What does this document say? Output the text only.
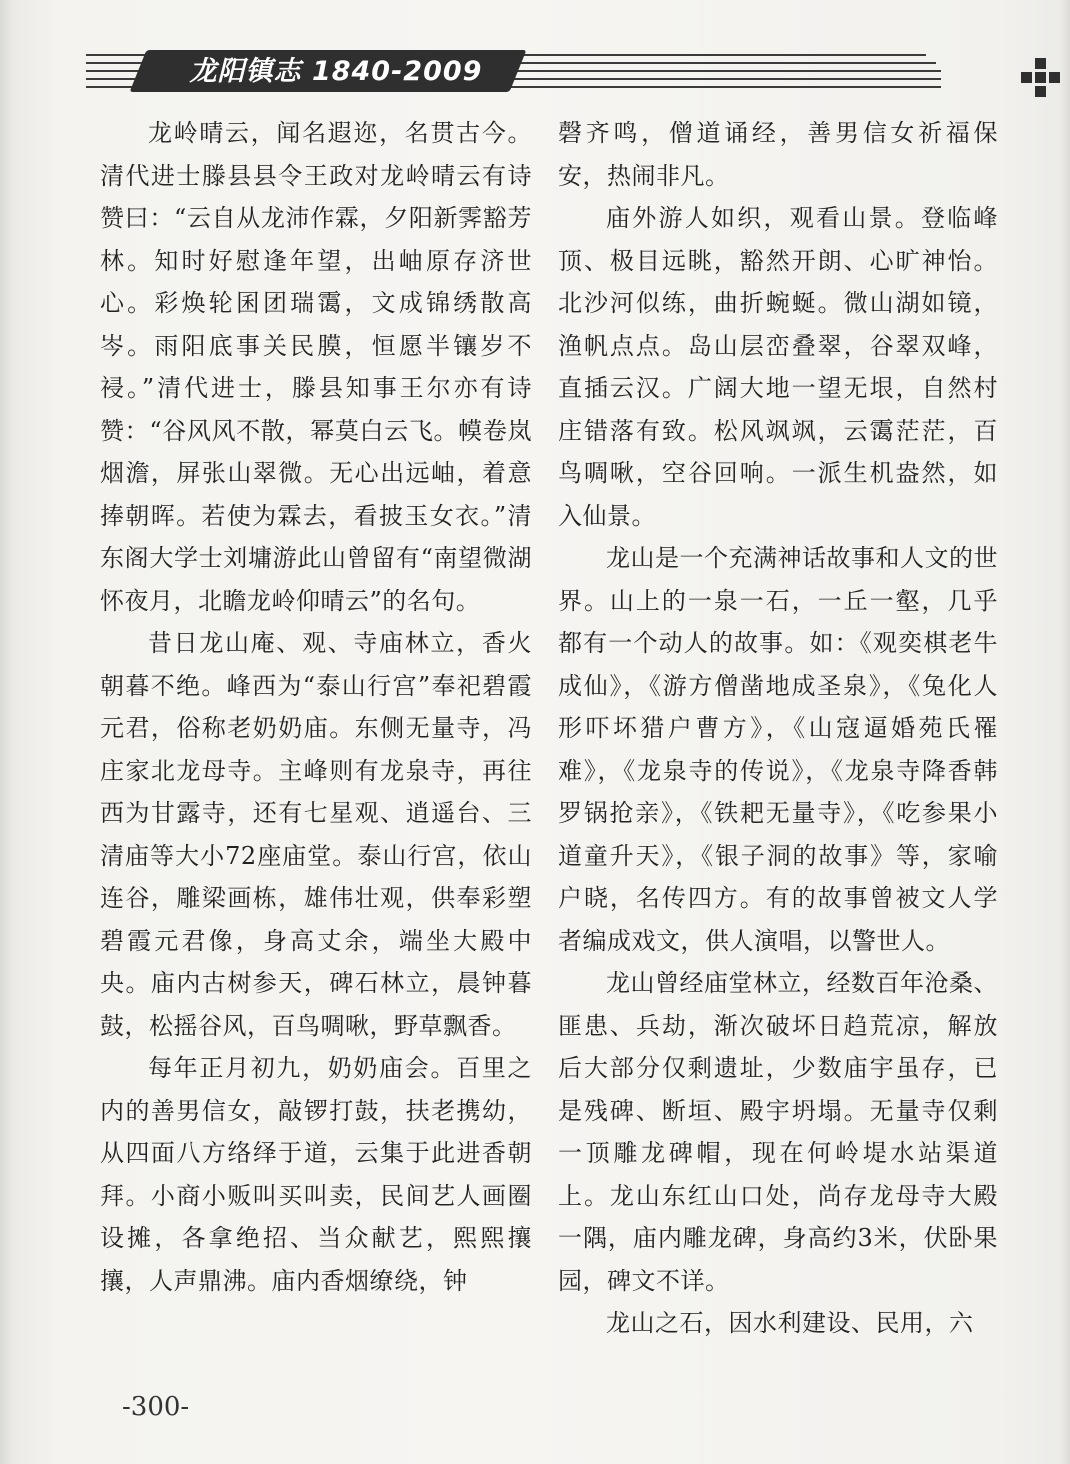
龙阳镇志 1840-2009

龙岭晴云，闻名遐迩，名贯古今。清代进士滕县县令王政对龙岭晴云有诗赞曰：“云自从龙沛作霖，夕阳新霁豁芳林。知时好慰逢年望，出岫原存济世心。彩焕轮囷团瑞霭，文成锦绣散高岑。雨阳底事关民膜，恒愿半镶岁不祲。”清代进士，滕县知事王尔亦有诗赞：“谷风风不散，幂莫白云飞。幙卷岚烟澹，屏张山翠微。无心出远岫，着意捧朝晖。若使为霖去，看披玉女衣。”清东阁大学士刘墉游此山曾留有“南望微湖怀夜月，北瞻龙岭仰晴云”的名句。

昔日龙山庵、观、寺庙林立，香火朝暮不绝。峰西为“泰山行宫”奉祀碧霞元君，俗称老奶奶庙。东侧无量寺，冯庄家北龙母寺。主峰则有龙泉寺，再往西为甘露寺，还有七星观、逍遥台、三清庙等大小72座庙堂。泰山行宫，依山连谷，雕梁画栋，雄伟壮观，供奉彩塑碧霞元君像，身高丈余，端坐大殿中央。庙内古树参天，碑石林立，晨钟暮鼓，松摇谷风，百鸟啁啾，野草飘香。

每年正月初九，奶奶庙会。百里之内的善男信女，敲锣打鼓，扶老携幼，从四面八方络绎于道，云集于此进香朝拜。小商小贩叫买叫卖，民间艺人画圈设摊，各拿绝招、当众献艺，熙熙攘攘，人声鼎沸。庙内香烟缭绕，钟

磬齐鸣，僧道诵经，善男信女祈福保安，热闹非凡。

庙外游人如织，观看山景。登临峰顶、极目远眺，豁然开朗、心旷神怡。北沙河似练，曲折蜿蜒。微山湖如镜，渔帆点点。岛山层峦叠翠，谷翠双峰，直插云汉。广阔大地一望无垠，自然村庄错落有致。松风飒飒，云霭茫茫，百鸟啁啾，空谷回响。一派生机盎然，如入仙景。

龙山是一个充满神话故事和人文的世界。山上的一泉一石，一丘一壑，几乎都有一个动人的故事。如：《观奕棋老牛成仙》，《游方僧凿地成圣泉》，《兔化人形吓坏猎户曹方》，《山寇逼婚苑氏罹难》，《龙泉寺的传说》，《龙泉寺降香韩罗锅抢亲》，《铁耙无量寺》，《吃参果小道童升天》，《银子洞的故事》等，家喻户晓，名传四方。有的故事曾被文人学者编成戏文，供人演唱，以警世人。

龙山曾经庙堂林立，经数百年沧桑、匪患、兵劫，渐次破坏日趋荒凉，解放后大部分仅剩遗址，少数庙宇虽存，已是残碑、断垣、殿宇坍塌。无量寺仅剩一顶雕龙碑帽，现在何岭堤水站渠道上。龙山东红山口处，尚存龙母寺大殿一隅，庙内雕龙碑，身高约3米，伏卧果园，碑文不详。

龙山之石，因水利建设、民用，六

-300-
